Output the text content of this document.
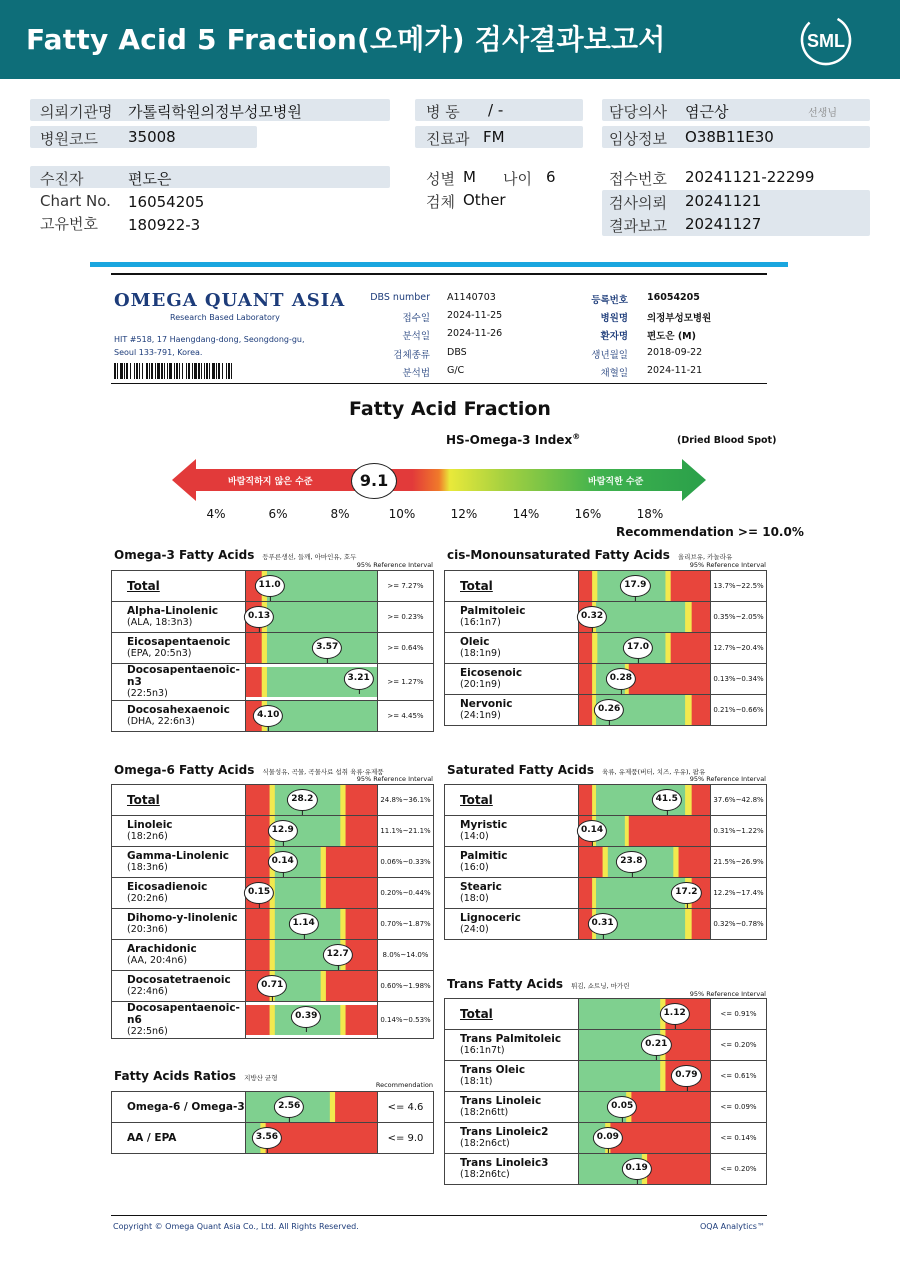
Fatty Acid 5 Fraction(오메가) 검사결과보고서	SML
의뢰기관명 가톨릭학원의정부성모병원
병원코드 35008
병 동 / -
진료과 FM
담당의사 염근상	선생님
임상정보 O38B11E30
수진자	편도은
Chart No. 16054205
고유번호 180922-3
성별 M 나이 6
검체 Other
접수번호 20241121-22299
검사의뢰 20241121
결과보고 20241127
OMEGA QUANT ASIA
Research Based Laboratory
HIT #518, 17 Haengdang-dong, Seongdong-gu, Seoul 133-791, Korea.
DBS number A1140703
접수일 2024-11-25
분석일 2024-11-26
검체종류 DBS
분석법 G/C
등록번호 16054205
병원명 의정부성모병원
환자명 편도은 (M)
생년월일 2018-09-22
채혈일 2024-11-21
Fatty Acid Fraction
HS-Omega-3 Index®	(Dried Blood Spot)
바람직하지 않은 수준	바람직한 수준
9.1
4%	6%	8%	10%	12%	14%	16%	18%
Recommendation >= 10.0%
Omega-3 Fatty Acids 등푸른생선, 들깨, 아마인유, 호두
95% Reference Interval
Total	11.0	>= 7.27%

Alpha-Linolenic
(ALA, 18:3n3)	0.13	>= 0.23%

Eicosapentaenoic
(EPA, 20:5n3)	3.57	>= 0.64%

Docosapentaenoic-n3
(22:5n3)	3.21	>= 1.27%

Docosahexaenoic
(DHA, 22:6n3)	4.10	>= 4.45%
cis-Monounsaturated Fatty Acids 올리브유, 카놀라유
95% Reference Interval
Total	17.9	13.7%~22.5%

Palmitoleic
(16:1n7)	0.32	0.35%~2.05%

Oleic
(18:1n9)	17.0	12.7%~20.4%

Eicosenoic
(20:1n9)	0.28	0.13%~0.34%

Nervonic
(24:1n9)	0.26	0.21%~0.66%
Omega-6 Fatty Acids 식물성유, 곡물, 곡물사료 섭취 육류·유제품
95% Reference Interval
Total	28.2	24.8%~36.1%

Linoleic
(18:2n6)	12.9	11.1%~21.1%

Gamma-Linolenic
(18:3n6)	0.14	0.06%~0.33%

Eicosadienoic
(20:2n6)	0.15	0.20%~0.44%

Dihomo-y-linolenic
(20:3n6)	1.14	0.70%~1.87%

Arachidonic
(AA, 20:4n6)	12.7	8.0%~14.0%

Docosatetraenoic
(22:4n6)	0.71	0.60%~1.98%

Docosapentaenoic-n6
(22:5n6)	0.39	0.14%~0.53%
Saturated Fatty Acids 육류, 유제품(버터, 치즈, 우유), 팜유
95% Reference Interval
Total	41.5	37.6%~42.8%

Myristic
(14:0)	0.14	0.31%~1.22%

Palmitic
(16:0)	23.8	21.5%~26.9%

Stearic
(18:0)	17.2	12.2%~17.4%

Lignoceric
(24:0)	0.31	0.32%~0.78%
Trans Fatty Acids 튀김, 쇼트닝, 마가린
95% Reference Interval
Total	1.12	<= 0.91%

Trans Palmitoleic
(16:1n7t)	0.21	<= 0.20%

Trans Oleic
(18:1t)	0.79	<= 0.61%

Trans Linoleic
(18:2n6tt)	0.05	<= 0.09%

Trans Linoleic2
(18:2n6ct)	0.09	<= 0.14%

Trans Linoleic3
(18:2n6tc)	0.19	<= 0.20%
Fatty Acids Ratios 지방산 균형
Recommendation
Omega-6 / Omega-3	2.56	<= 4.6

AA / EPA	3.56	<= 9.0
Copyright © Omega Quant Asia Co., Ltd. All Rights Reserved.	OQA Analytics™
